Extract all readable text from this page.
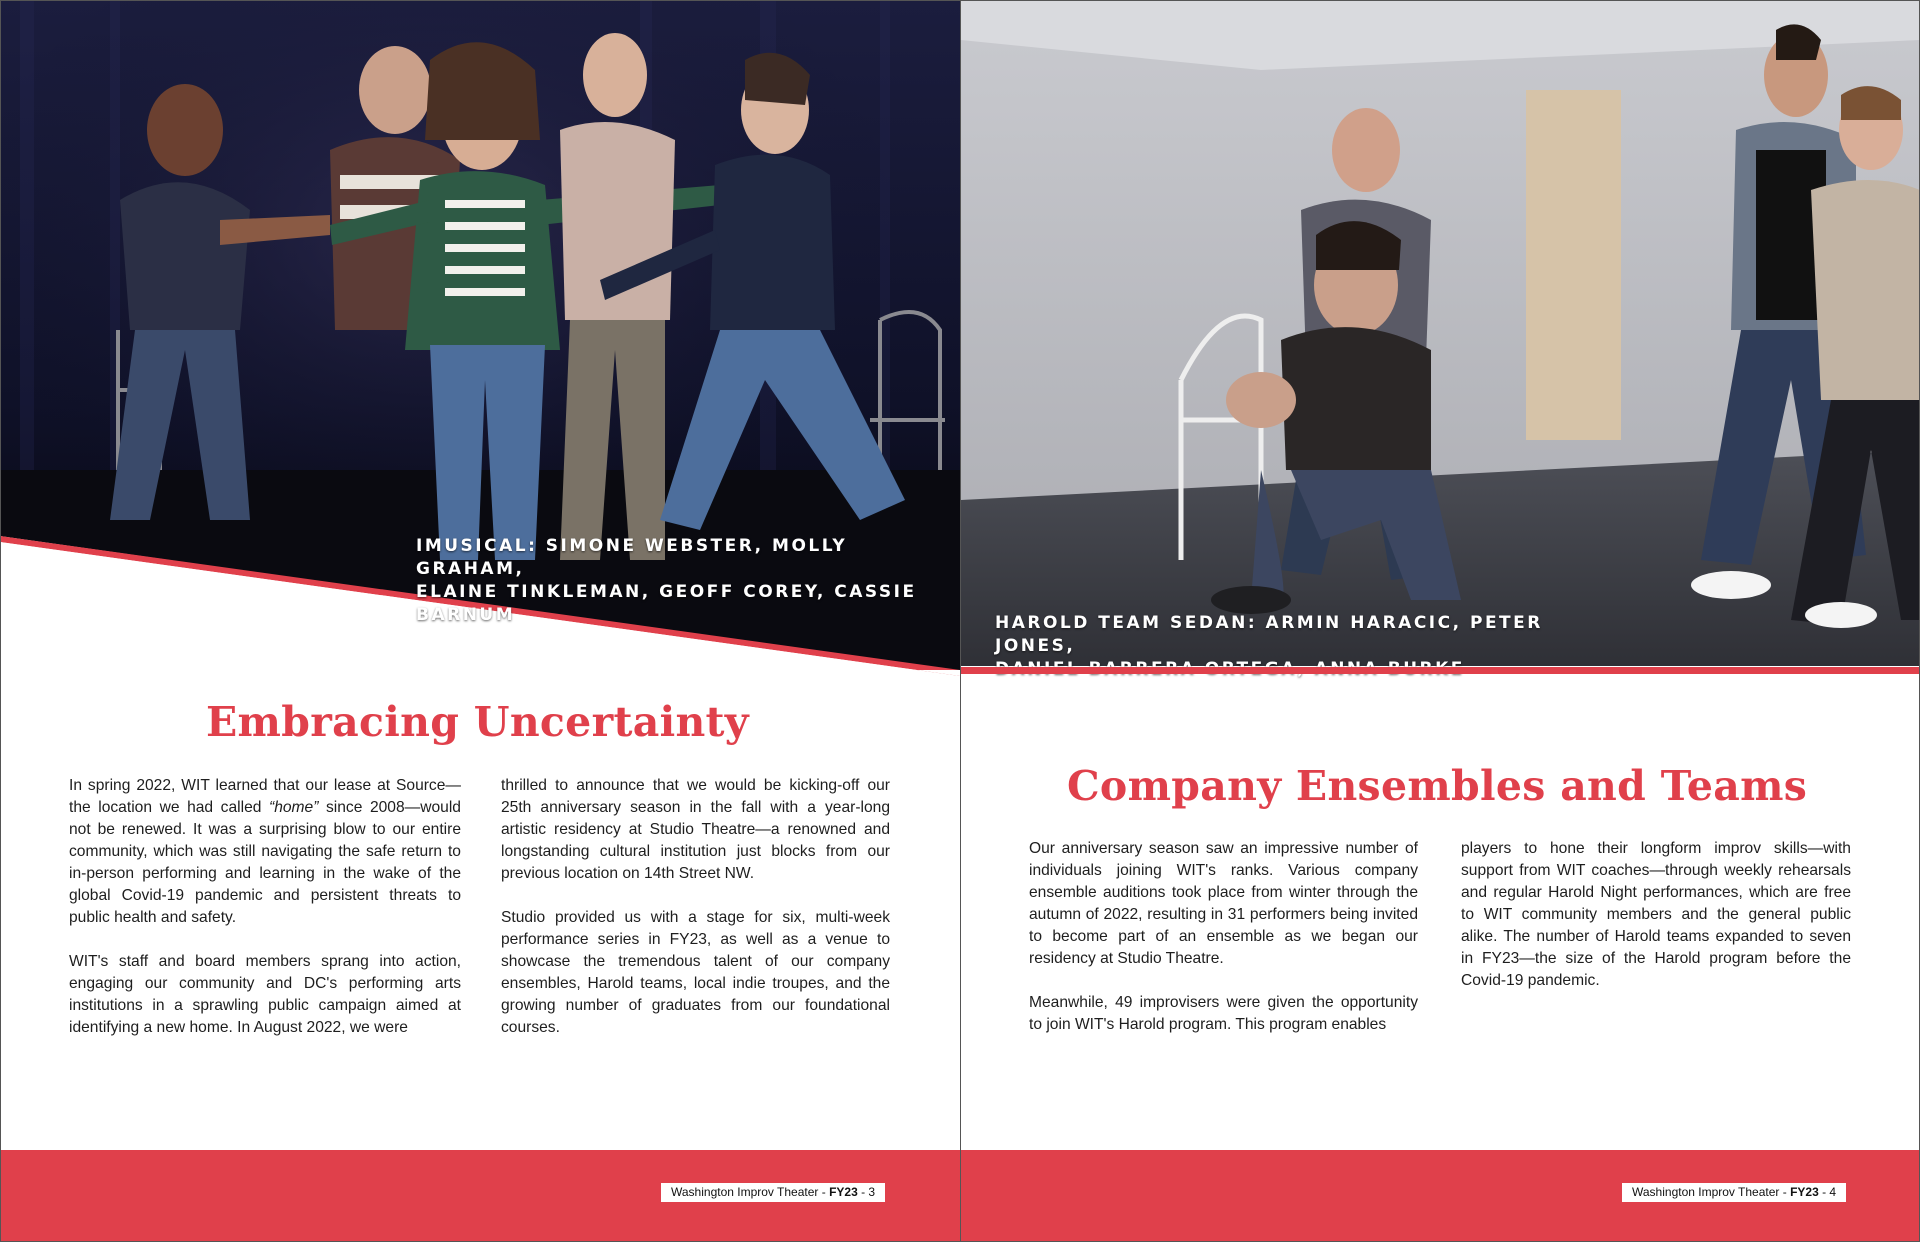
IMUSICAL: SIMONE WEBSTER, MOLLY GRAHAM,
ELAINE TINKLEMAN, GEOFF COREY, CASSIE BARNUM
Embracing Uncertainty

In spring 2022, WIT learned that our lease at Source—the location we had called “home” since 2008—would not be renewed. It was a surprising blow to our entire community, which was still navigating the safe return to in-person performing and learning in the wake of the global Covid-19 pandemic and persistent threats to public health and safety.

WIT's staff and board members sprang into action, engaging our community and DC's performing arts institutions in a sprawling public campaign aimed at identifying a new home. In August 2022, we were

thrilled to announce that we would be kicking-off our 25th anniversary season in the fall with a year-long artistic residency at Studio Theatre—a renowned and longstanding cultural institution just blocks from our previous location on 14th Street NW.

Studio provided us with a stage for six, multi-week performance series in FY23, as well as a venue to showcase the tremendous talent of our company ensembles, Harold teams, local indie troupes, and the growing number of graduates from our foundational courses.

Washington Improv Theater - FY23 - 3
HAROLD TEAM SEDAN: ARMIN HARACIC, PETER JONES,
Company Ensembles and Teams

Our anniversary season saw an impressive number of individuals joining WIT's ranks. Various company ensemble auditions took place from winter through the autumn of 2022, resulting in 31 performers being invited to become part of an ensemble as we began our residency at Studio Theatre.

Meanwhile, 49 improvisers were given the opportunity to join WIT's Harold program. This program enables

players to hone their longform improv skills—with support from WIT coaches—through weekly rehearsals and regular Harold Night performances, which are free to WIT community members and the general public alike. The number of Harold teams expanded to seven in FY23—the size of the Harold program before the Covid-19 pandemic.

Washington Improv Theater - FY23 - 4
